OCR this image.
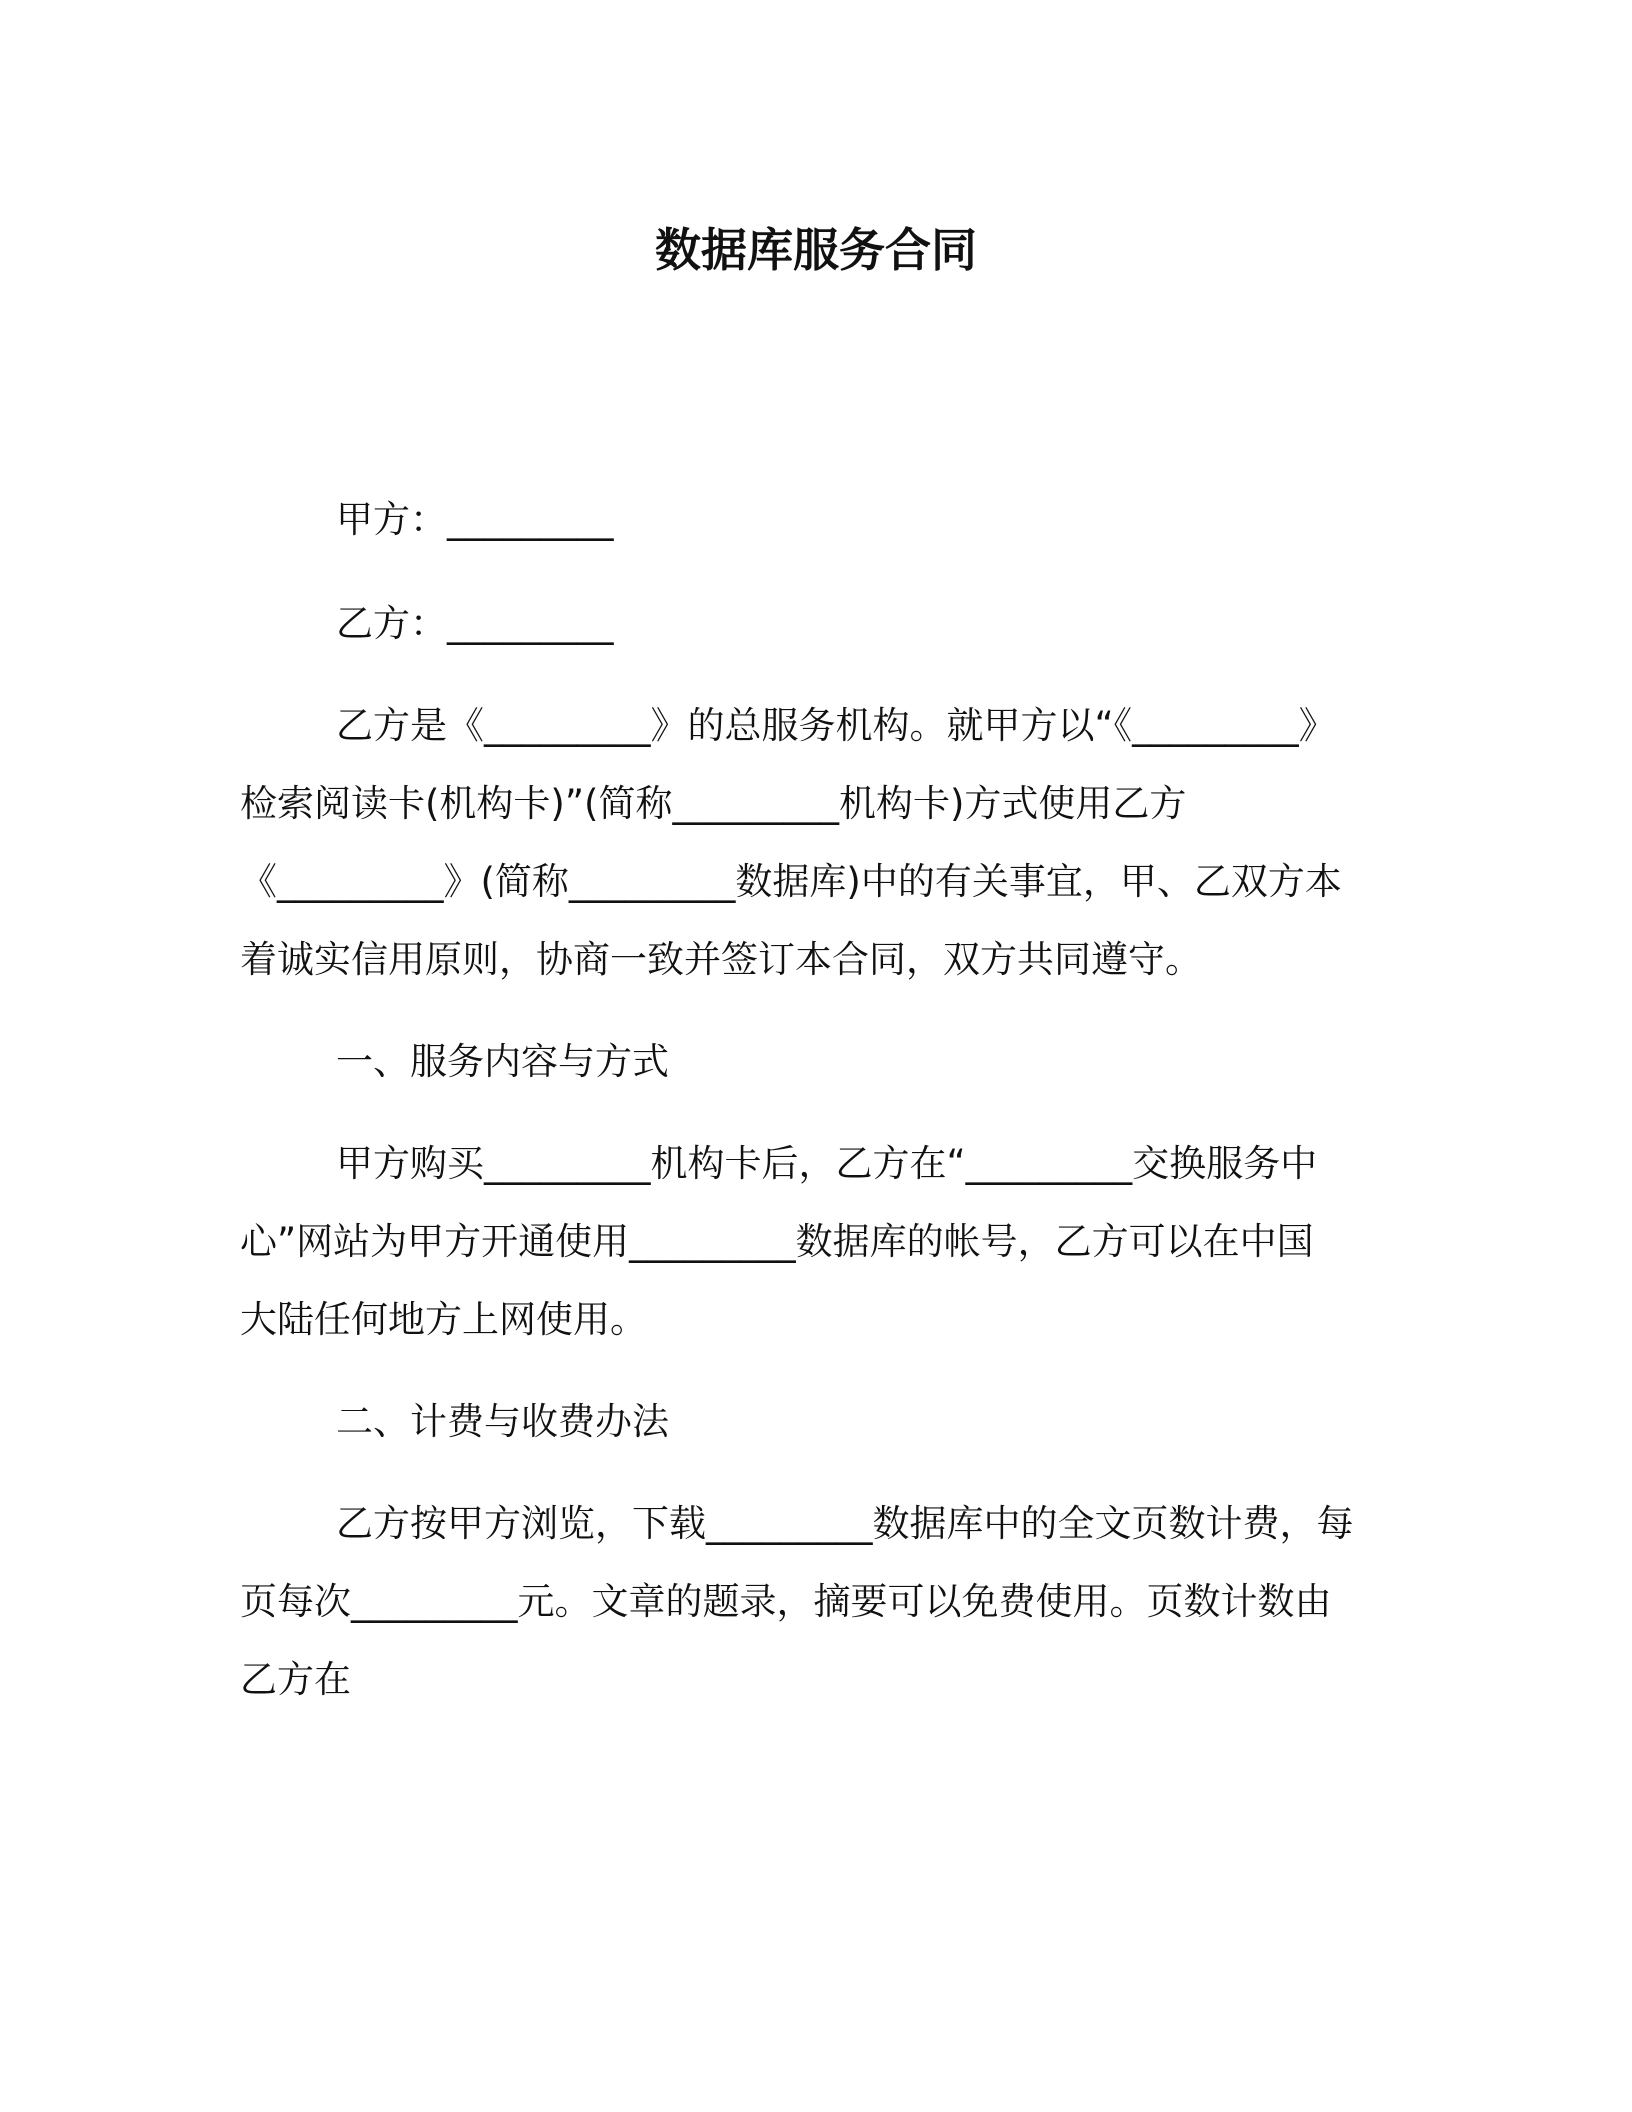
数据库服务合同
甲方：_________
乙方：_________
乙方是《_________》的总服务机构。就甲方以“《_________》
检索阅读卡(机构卡)”(简称_________机构卡)方式使用乙方
《_________》(简称_________数据库)中的有关事宜，甲、乙双方本
着诚实信用原则，协商一致并签订本合同，双方共同遵守。
一、服务内容与方式
甲方购买_________机构卡后，乙方在“_________交换服务中
心”网站为甲方开通使用_________数据库的帐号，乙方可以在中国
大陆任何地方上网使用。
二、计费与收费办法
乙方按甲方浏览，下载_________数据库中的全文页数计费，每
页每次_________元。文章的题录，摘要可以免费使用。页数计数由
乙方在
